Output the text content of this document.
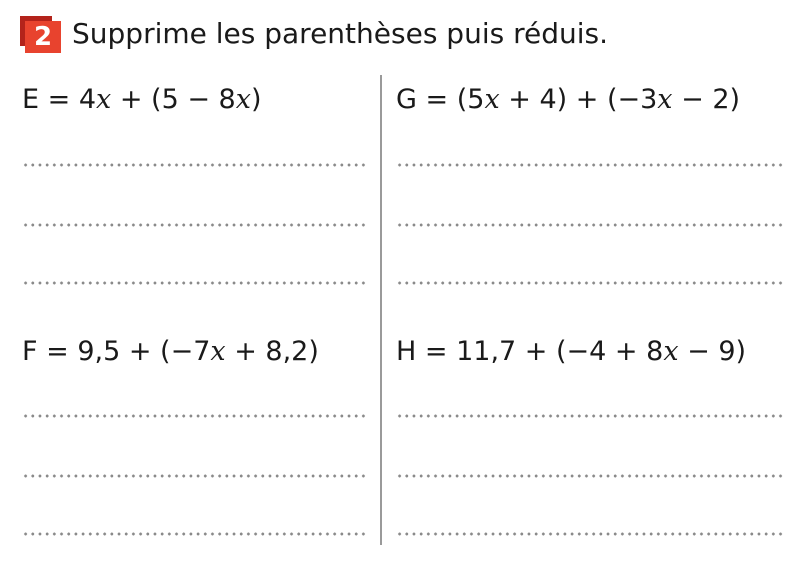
2 Supprime les parenthèses puis réduis.
E = 4x + (5 − 8x)	G = (5x + 4) + (−3x − 2)
F = 9,5 + (−7x + 8,2)	H = 11,7 + (−4 + 8x − 9)
